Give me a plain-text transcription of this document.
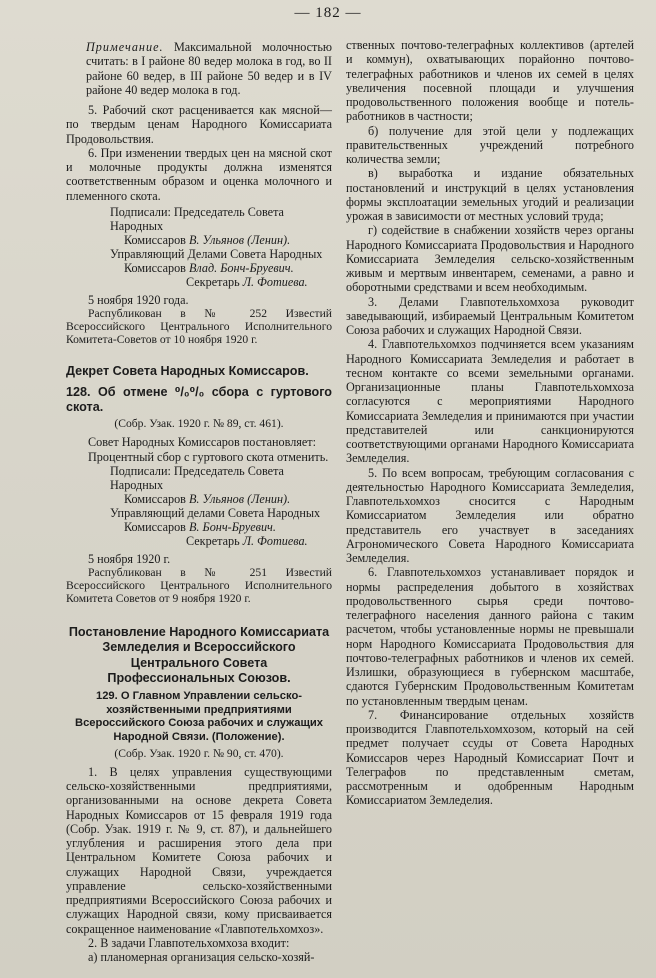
— 182 —

Примечание. Максимальной молочностью считать: в I районе 80 ведер молока в год, во II районе 60 ведер, в III районе 50 ведер и в IV районе 40 ведер молока в год.

5. Рабочий скот расценивается как мясной—по твердым ценам Народного Комиссариата Продовольствия.

6. При изменении твердых цен на мясной скот и молочные продукты должна изменятся соответственным образом и оценка молочного и племенного скота.

Подписали: Председатель Совета Народных

Комиссаров В. Ульянов (Ленин).

Управляющий Делами Совета Народных

Комиссаров Влад. Бонч-Бруевич.

Секретарь Л. Фотиева.

5 ноября 1920 года.

Распубликован в № 252 Известий Всероссийского Центрального Исполнительного Комитета-Советов от 10 ноября 1920 г.

Декрет Совета Народных Комиссаров.

128. Об отмене ⁰/₀⁰/₀ сбора с гуртового скота.

(Собр. Узак. 1920 г. № 89, ст. 461).

Совет Народных Комиссаров постановляет:

Процентный сбор с гуртового скота отменить.

Подписали: Председатель Совета Народных

Комиссаров В. Ульянов (Ленин).

Управляющий делами Совета Народных

Комиссаров В. Бонч-Бруевич.

Секретарь Л. Фотиева.

5 ноября 1920 г.

Распубликован в № 251 Известий Всероссийского Центрального Исполнительного Комитета Советов от 9 ноября 1920 г.

Постановление Народного Комиссариата Земледелия и Всероссийского Центрального Совета Профессиональных Союзов.

129. О Главном Управлении сельско-хозяйственными предприятиями Всероссийского Союза рабочих и служащих Народной Связи. (Положение).

(Собр. Узак. 1920 г. № 90, ст. 470).

1. В целях управления существующими сельско-хозяйственными предприятиями, организованными на основе декрета Совета Народных Комиссаров от 15 февраля 1919 года (Собр. Узак. 1919 г. № 9, ст. 87), и дальнейшего углубления и расширения этого дела при Центральном Комитете Союза рабочих и служащих Народной Связи, учреждается управление сельско-хозяйственными предприятиями Всероссийского Союза рабочих и служащих Народной связи, кому присваивается сокращенное наименование «Главпотельхомхоз».

2. В задачи Главпотельхомхоза входит:

а) планомерная организация сельско-хозяй-

ственных почтово-телеграфных коллективов (артелей и коммун), охватывающих порайонно почтово-телеграфных работников и членов их семей в целях увеличения посевной площади и улучшения продовольственного положения вообще и потель-работников в частности;

б) получение для этой цели у подлежащих правительственных учреждений потребного количества земли;

в) выработка и издание обязательных постановлений и инструкций в целях установления формы эксплоатации земельных угодий и реализации урожая в зависимости от местных условий труда;

г) содействие в снабжении хозяйств через органы Народного Комиссариата Продовольствия и Народного Комиссариата Земледелия сельско-хозяйственным живым и мертвым инвентарем, семенами, а равно и оборотными средствами и всем необходимым.

3. Делами Главпотельхомхоза руководит заведывающий, избираемый Центральным Комитетом Союза рабочих и служащих Народной Связи.

4. Главпотельхомхоз подчиняется всем указаниям Народного Комиссариата Земледелия и работает в тесном контакте со всеми земельными органами. Организационные планы Главпотельхомхоза согласуются с мероприятиями Народного Комиссариата Земледелия и принимаются при участии представителей или санкционируются соответствующими органами Народного Комиссариата Земледелия.

5. По всем вопросам, требующим согласования с деятельностью Народного Комиссариата Земледелия, Главпотельхомхоз сносится с Народным Комиссариатом Земледелия или обратно представитель его участвует в заседаниях Агрономического Совета Народного Комиссариата Земледелия.

6. Главпотельхомхоз устанавливает порядок и нормы распределения добытого в хозяйствах продовольственного сырья среди почтово-телеграфного населения данного района с таким расчетом, чтобы установленные нормы не превышали норм Народного Комиссариата Продовольствия для почтово-телеграфных работников и членов их семей. Излишки, образующиеся в губернском масштабе, сдаются Губернским Продовольственным Комитетам по установленным твердым ценам.

7. Финансирование отдельных хозяйств производится Главпотельхомхозом, который на сей предмет получает ссуды от Совета Народных Комиссаров через Народный Комиссариат Почт и Телеграфов по представленным сметам, рассмотренным и одобренным Народным Комиссариатом Земледелия.
